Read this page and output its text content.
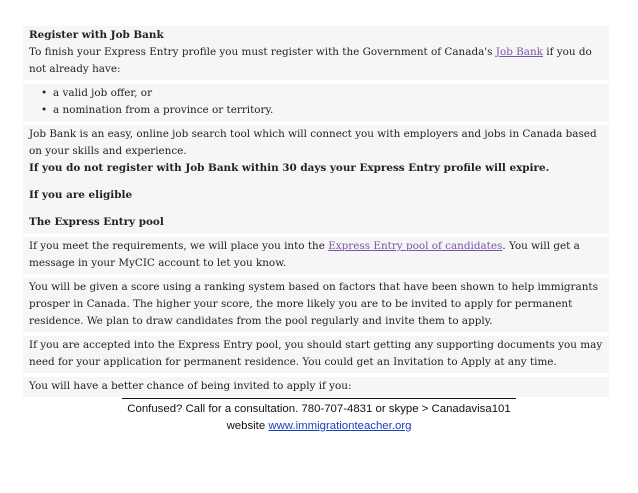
Register with Job Bank
To finish your Express Entry profile you must register with the Government of Canada's Job Bank if you do not already have:
• a valid job offer, or
• a nomination from a province or territory.
Job Bank is an easy, online job search tool which will connect you with employers and jobs in Canada based on your skills and experience.
If you do not register with Job Bank within 30 days your Express Entry profile will expire.
If you are eligible
The Express Entry pool
If you meet the requirements, we will place you into the Express Entry pool of candidates. You will get a message in your MyCIC account to let you know.
You will be given a score using a ranking system based on factors that have been shown to help immigrants prosper in Canada. The higher your score, the more likely you are to be invited to apply for permanent residence. We plan to draw candidates from the pool regularly and invite them to apply.
If you are accepted into the Express Entry pool, you should start getting any supporting documents you may need for your application for permanent residence. You could get an Invitation to Apply at any time.
You will have a better chance of being invited to apply if you:
Confused? Call for a consultation. 780-707-4831 or skype > Canadavisa101
website www.immigrationteacher.org
